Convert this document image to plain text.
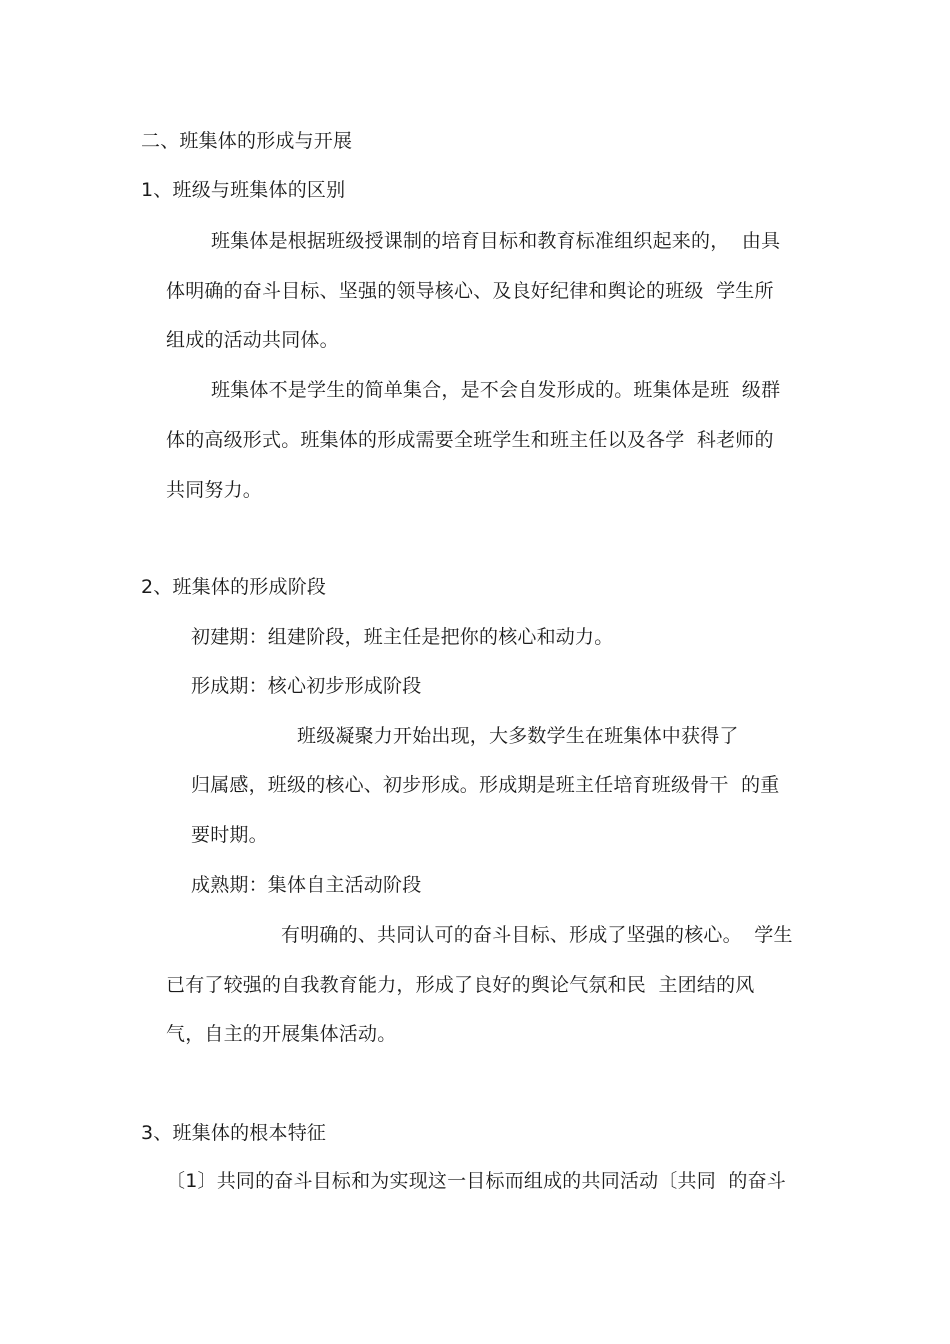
二、班集体的形成与开展
1、班级与班集体的区别
班集体是根据班级授课制的培育目标和教育标准组织起来的，  由具
体明确的奋斗目标、坚强的领导核心、及良好纪律和舆论的班级  学生所
组成的活动共同体。
班集体不是学生的简单集合，是不会自发形成的。班集体是班  级群
体的高级形式。班集体的形成需要全班学生和班主任以及各学  科老师的
共同努力。
2、班集体的形成阶段
初建期：组建阶段，班主任是把你的核心和动力。
形成期：核心初步形成阶段
班级凝聚力开始出现，大多数学生在班集体中获得了
归属感，班级的核心、初步形成。形成期是班主任培育班级骨干  的重
要时期。
成熟期：集体自主活动阶段
有明确的、共同认可的奋斗目标、形成了坚强的核心。  学生
已有了较强的自我教育能力，形成了良好的舆论气氛和民  主团结的风
气，自主的开展集体活动。
3、班集体的根本特征
〔1〕共同的奋斗目标和为实现这一目标而组成的共同活动〔共同  的奋斗
